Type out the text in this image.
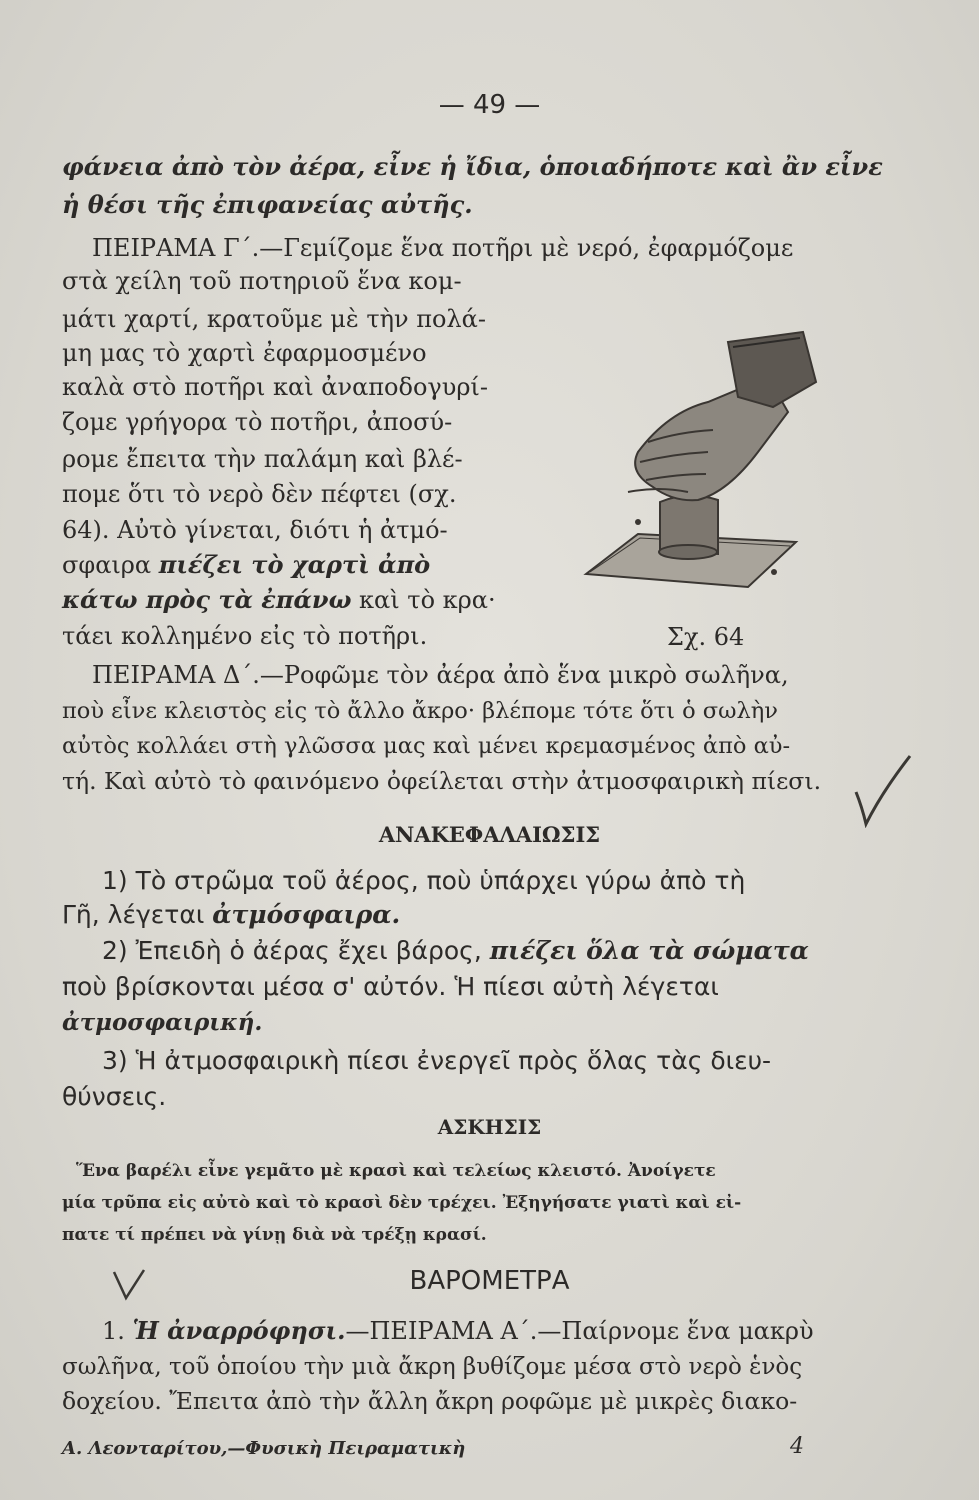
— 49 —
φάνεια ἀπὸ τὸν ἀέρα, εἶνε ἡ ἴδια, ὁποιαδήποτε καὶ ἂν εἶνε
ἡ θέσι τῆς ἐπιφανείας αὐτῆς.
ΠΕΙΡΑΜΑ Γ΄.—Γεμίζομε ἕνα ποτῆρι μὲ νερό, ἐφαρμόζομε
στὰ χείλη τοῦ ποτηριοῦ ἕνα κομ-
μάτι χαρτί, κρατοῦμε μὲ τὴν πολά-
μη μας τὸ χαρτὶ ἐφαρμοσμένο
καλὰ στὸ ποτῆρι καὶ ἀναποδογυρί-
ζομε γρήγορα τὸ ποτῆρι, ἀποσύ-
ρομε ἔπειτα τὴν παλάμη καὶ βλέ-
πομε ὅτι τὸ νερὸ δὲν πέφτει (σχ.
64). Αὐτὸ γίνεται, διότι ἡ ἀτμό-
σφαιρα πιέζει τὸ χαρτὶ ἀπὸ
κάτω πρὸς τὰ ἐπάνω καὶ τὸ κρα·
τάει κολλημένο εἰς τὸ ποτῆρι.	Σχ. 64
ΠΕΙΡΑΜΑ Δ΄.—Ροφῶμε τὸν ἀέρα ἀπὸ ἕνα μικρὸ σωλῆνα,
ποὺ εἶνε κλειστὸς εἰς τὸ ἄλλο ἄκρο· βλέπομε τότε ὅτι ὁ σωλὴν
αὐτὸς κολλάει στὴ γλῶσσα μας καὶ μένει κρεμασμένος ἀπὸ αὐ-
τή. Καὶ αὐτὸ τὸ φαινόμενο ὀφείλεται στὴν ἀτμοσφαιρικὴ πίεσι.
ΑΝΑΚΕΦΑΛΑΙΩΣΙΣ
1) Τὸ στρῶμα τοῦ ἀέρος, ποὺ ὑπάρχει γύρω ἀπὸ τὴ
Γῆ, λέγεται ἀτμόσφαιρα.
2) Ἐπειδὴ ὁ ἀέρας ἔχει βάρος, πιέζει ὅλα τὰ σώματα
ποὺ βρίσκονται μέσα σ' αὐτόν. Ἡ πίεσι αὐτὴ λέγεται
ἀτμοσφαιρική.
3) Ἡ ἀτμοσφαιρικὴ πίεσι ἐνεργεῖ πρὸς ὅλας τὰς διευ-
θύνσεις.
ΑΣΚΗΣΙΣ
Ἕνα βαρέλι εἶνε γεμᾶτο μὲ κρασὶ καὶ τελείως κλειστό. Ἀνοίγετε
μία τρῦπα εἰς αὐτὸ καὶ τὸ κρασὶ δὲν τρέχει. Ἐξηγήσατε γιατὶ καὶ εἰ-
πατε τί πρέπει νὰ γίνῃ διὰ νὰ τρέξῃ κρασί.
ΒΑΡΟΜΕΤΡΑ
1. Ἡ ἀναρρόφησι.—ΠΕΙΡΑΜΑ Α΄.—Παίρνομε ἕνα μακρὺ
σωλῆνα, τοῦ ὁποίου τὴν μιὰ ἄκρη βυθίζομε μέσα στὸ νερὸ ἑνὸς
δοχείου. Ἔπειτα ἀπὸ τὴν ἄλλη ἄκρη ροφῶμε μὲ μικρὲς διακο-
Α. Λεονταρίτου,—Φυσικὴ Πειραματικὴ	4
